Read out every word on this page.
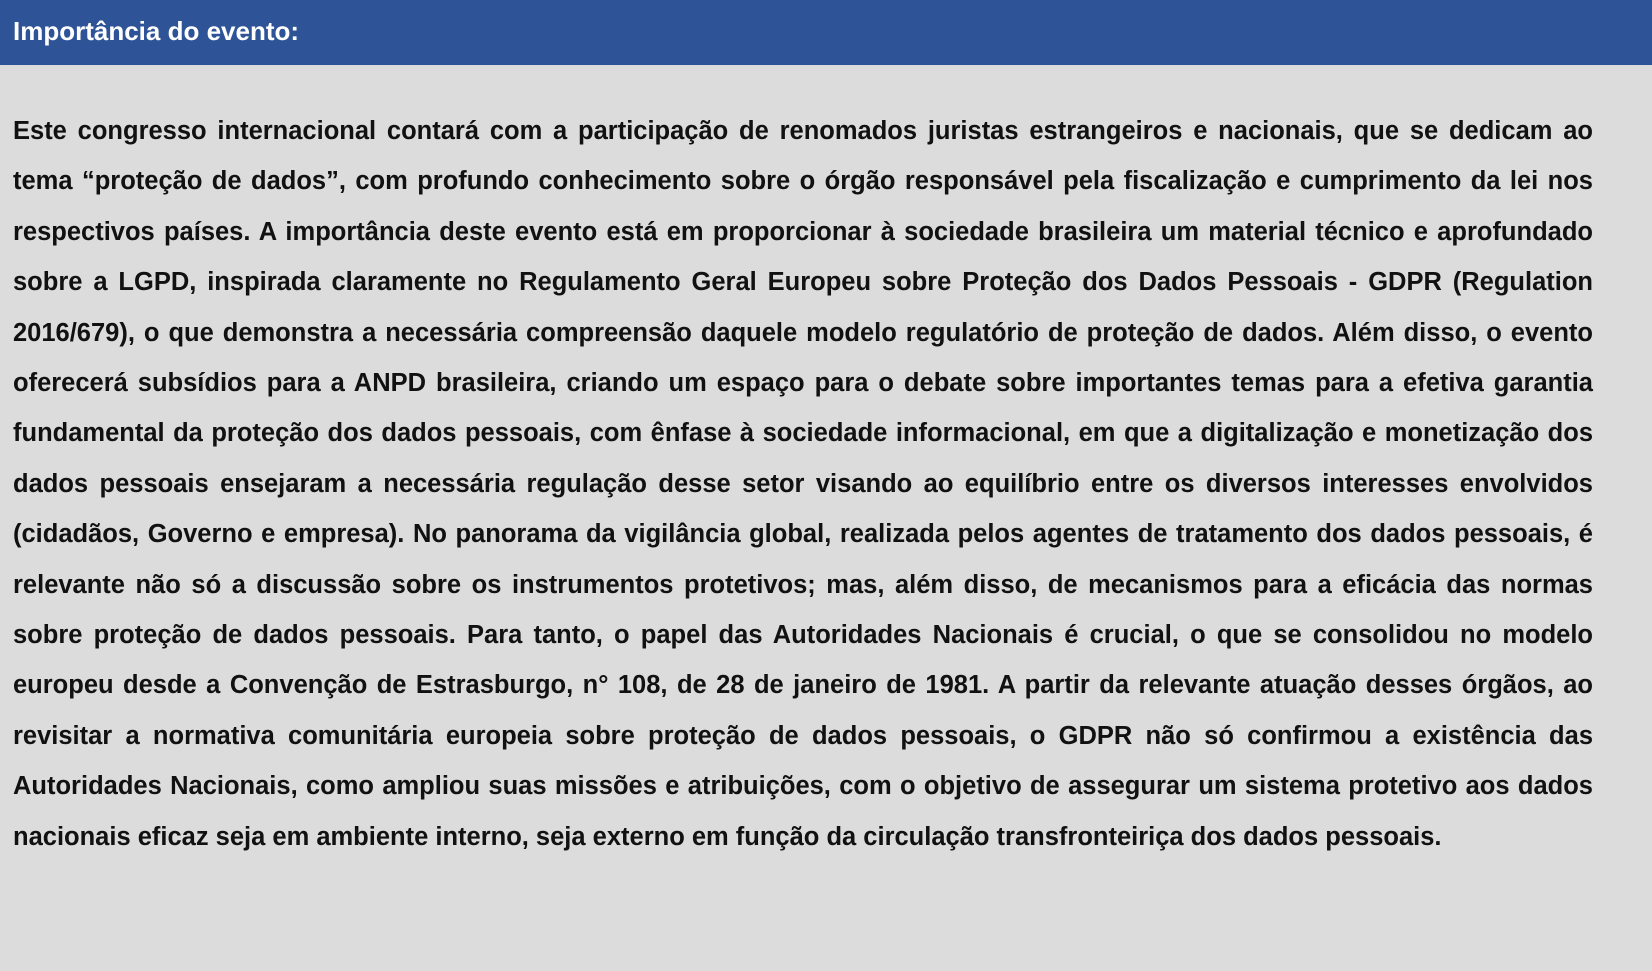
Importância do evento:

Este congresso internacional contará com a participação de renomados juristas estrangeiros e nacionais, que se dedicam ao tema “proteção de dados”, com profundo conhecimento sobre o órgão responsável pela fiscalização e cumprimento da lei nos respectivos países. A importância deste evento está em proporcionar à sociedade brasileira um material técnico e aprofundado sobre a LGPD, inspirada claramente no Regulamento Geral Europeu sobre Proteção dos Dados Pessoais - GDPR (Regulation 2016/679), o que demonstra a necessária compreensão daquele modelo regulatório de proteção de dados. Além disso, o evento oferecerá subsídios para a ANPD brasileira, criando um espaço para o debate sobre importantes temas para a efetiva garantia fundamental da proteção dos dados pessoais, com ênfase à sociedade informacional, em que a digitalização e monetização dos dados pessoais ensejaram a necessária regulação desse setor visando ao equilíbrio entre os diversos interesses envolvidos (cidadãos, Governo e empresa). No panorama da vigilância global, realizada pelos agentes de tratamento dos dados pessoais, é relevante não só a discussão sobre os instrumentos protetivos; mas, além disso, de mecanismos para a eficácia das normas sobre proteção de dados pessoais. Para tanto, o papel das Autoridades Nacionais é crucial, o que se consolidou no modelo europeu desde a Convenção de Estrasburgo, n° 108, de 28 de janeiro de 1981. A partir da relevante atuação desses órgãos, ao revisitar a normativa comunitária europeia sobre proteção de dados pessoais, o GDPR não só confirmou a existência das Autoridades Nacionais, como ampliou suas missões e atribuições, com o objetivo de assegurar um sistema protetivo aos dados nacionais eficaz seja em ambiente interno, seja externo em função da circulação transfronteiriça dos dados pessoais.
